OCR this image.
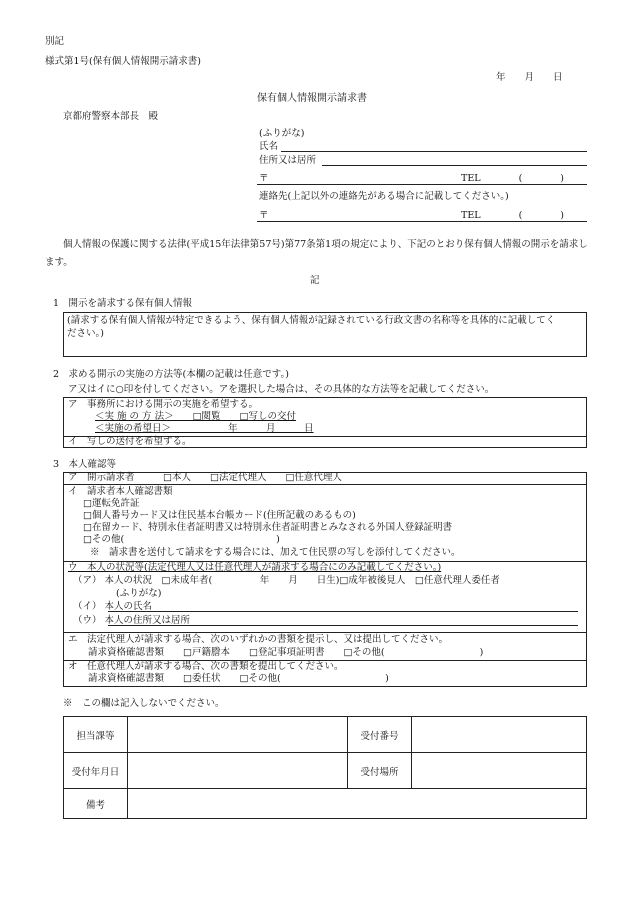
別記
様式第1号(保有個人情報開示請求書)
年　　月　　日
保有個人情報開示請求書
京都府警察本部長　殿
(ふりがな)
氏名
住所又は居所
〒	TEL　　　　(　　　　)
連絡先(上記以外の連絡先がある場合に記載してください。)
〒	TEL　　　　(　　　　)
個人情報の保護に関する法律(平成15年法律第57号)第77条第1項の規定により、下記のとおり保有個人情報の開示を請求します。
記
1　開示を請求する保有個人情報
(請求する保有個人情報が特定できるよう、保有個人情報が記録されている行政文書の名称等を具体的に記載してく
ださい。)
2　求める開示の実施の方法等(本欄の記載は任意です。)
ア又はイに○印を付してください。アを選択した場合は、その具体的な方法等を記載してください。
ア　事務所における開示の実施を希望する。
＜実 施 の 方 法＞　　□閲覧　　□写しの交付
＜実施の希望日＞　　　　　　年　　　月　　　日
イ　写しの送付を希望する。
3　本人確認等
ア　開示請求者　　　□本人　　□法定代理人　　□任意代理人
イ　請求者本人確認書類
□運転免許証
□個人番号カード又は住民基本台帳カード(住所記載のあるもの)
□在留カード、特別永住者証明書又は特別永住者証明書とみなされる外国人登録証明書
□その他(　　　　　　　　　　　　　　　　)
※　請求書を送付して請求をする場合には、加えて住民票の写しを添付してください。
ウ　本人の状況等(法定代理人又は任意代理人が請求する場合にのみ記載してください。)
（ア） 本人の状況　□未成年者(　　　　　年　　月　　日生)□成年被後見人　□任意代理人委任者
(ふりがな)
（イ） 本人の氏名
（ウ） 本人の住所又は居所
エ　法定代理人が請求する場合、次のいずれかの書類を提示し、又は提出してください。
請求資格確認書類　　□戸籍謄本　　□登記事項証明書　　□その他(　　　　　　　　　　)
オ　任意代理人が請求する場合、次の書類を提出してください。
請求資格確認書類　　□委任状　　□その他(　　　　　　　　　　　)
※　この欄は記入しないでください。
担当課等		受付番号	
受付年月日		受付場所	
備考			
